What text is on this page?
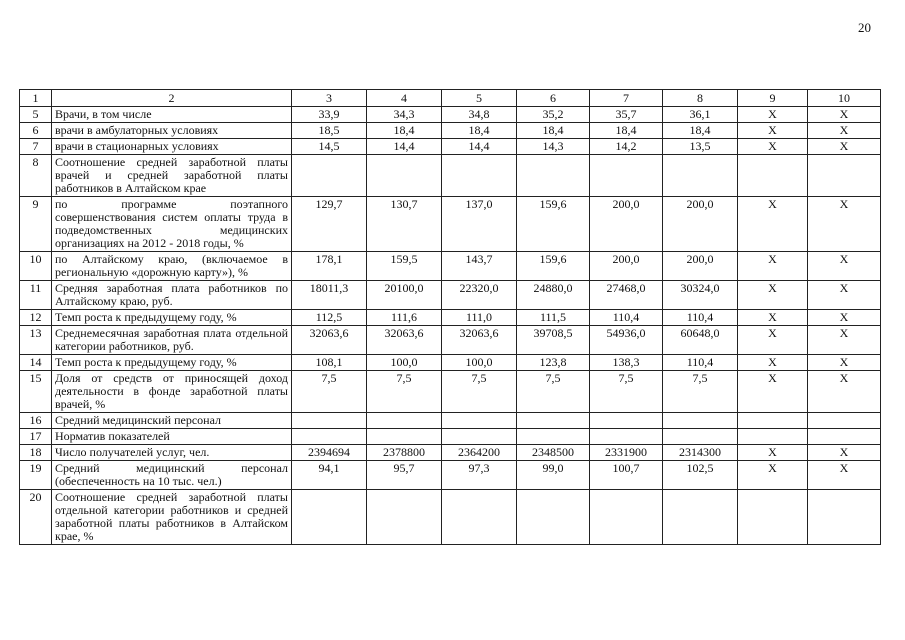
20
1	2	3	4	5	6	7	8	9	10
5	Врачи, в том числе	33,9	34,3	34,8	35,2	35,7	36,1	X	X
6	врачи в амбулаторных условиях	18,5	18,4	18,4	18,4	18,4	18,4	X	X
7	врачи в стационарных условиях	14,5	14,4	14,4	14,3	14,2	13,5	X	X
8	Соотношение средней заработной платы врачей и средней заработной платы работников в Алтайском крае								
9	по программе поэтапного совершенствования систем оплаты труда в подведомственных медицинских организациях на 2012 - 2018 годы, %	129,7	130,7	137,0	159,6	200,0	200,0	X	X
10	по Алтайскому краю, (включаемое в региональную «дорожную карту»), %	178,1	159,5	143,7	159,6	200,0	200,0	X	X
11	Средняя заработная плата работников по Алтайскому краю, руб.	18011,3	20100,0	22320,0	24880,0	27468,0	30324,0	X	X
12	Темп роста к предыдущему году, %	112,5	111,6	111,0	111,5	110,4	110,4	X	X
13	Среднемесячная заработная плата отдельной категории работников, руб.	32063,6	32063,6	32063,6	39708,5	54936,0	60648,0	X	X
14	Темп роста к предыдущему году, %	108,1	100,0	100,0	123,8	138,3	110,4	X	X
15	Доля от средств от приносящей доход деятельности в фонде заработной платы врачей, %	7,5	7,5	7,5	7,5	7,5	7,5	X	X
16	Средний медицинский персонал								
17	Норматив показателей								
18	Число получателей услуг, чел.	2394694	2378800	2364200	2348500	2331900	2314300	X	X
19	Средний медицинский персонал (обеспеченность на 10 тыс. чел.)	94,1	95,7	97,3	99,0	100,7	102,5	X	X
20	Соотношение средней заработной платы отдельной категории работников и средней заработной платы работников в Алтайском крае, %								
